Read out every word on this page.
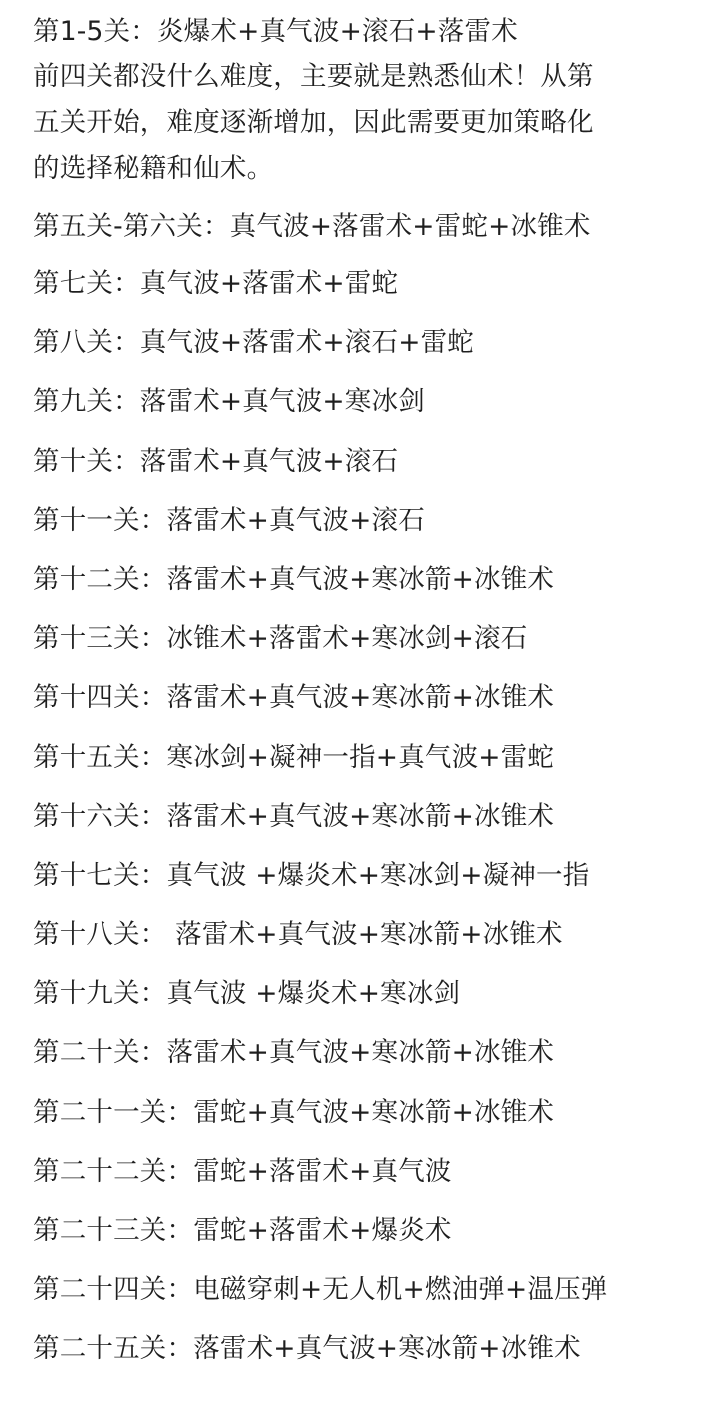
第1-5关：炎爆术+真气波+滚石+落雷术
前四关都没什么难度，主要就是熟悉仙术！从第
五关开始，难度逐渐增加，因此需要更加策略化
的选择秘籍和仙术。
第五关-第六关：真气波+落雷术+雷蛇+冰锥术
第七关：真气波+落雷术+雷蛇
第八关：真气波+落雷术+滚石+雷蛇
第九关：落雷术+真气波+寒冰剑
第十关：落雷术+真气波+滚石
第十一关：落雷术+真气波+滚石
第十二关：落雷术+真气波+寒冰箭+冰锥术
第十三关：冰锥术+落雷术+寒冰剑+滚石
第十四关：落雷术+真气波+寒冰箭+冰锥术
第十五关：寒冰剑+凝神一指+真气波+雷蛇
第十六关：落雷术+真气波+寒冰箭+冰锥术
第十七关：真气波 +爆炎术+寒冰剑+凝神一指
第十八关： 落雷术+真气波+寒冰箭+冰锥术
第十九关：真气波 +爆炎术+寒冰剑
第二十关：落雷术+真气波+寒冰箭+冰锥术
第二十一关：雷蛇+真气波+寒冰箭+冰锥术
第二十二关：雷蛇+落雷术+真气波
第二十三关：雷蛇+落雷术+爆炎术
第二十四关：电磁穿刺+无人机+燃油弹+温压弹
第二十五关：落雷术+真气波+寒冰箭+冰锥术
